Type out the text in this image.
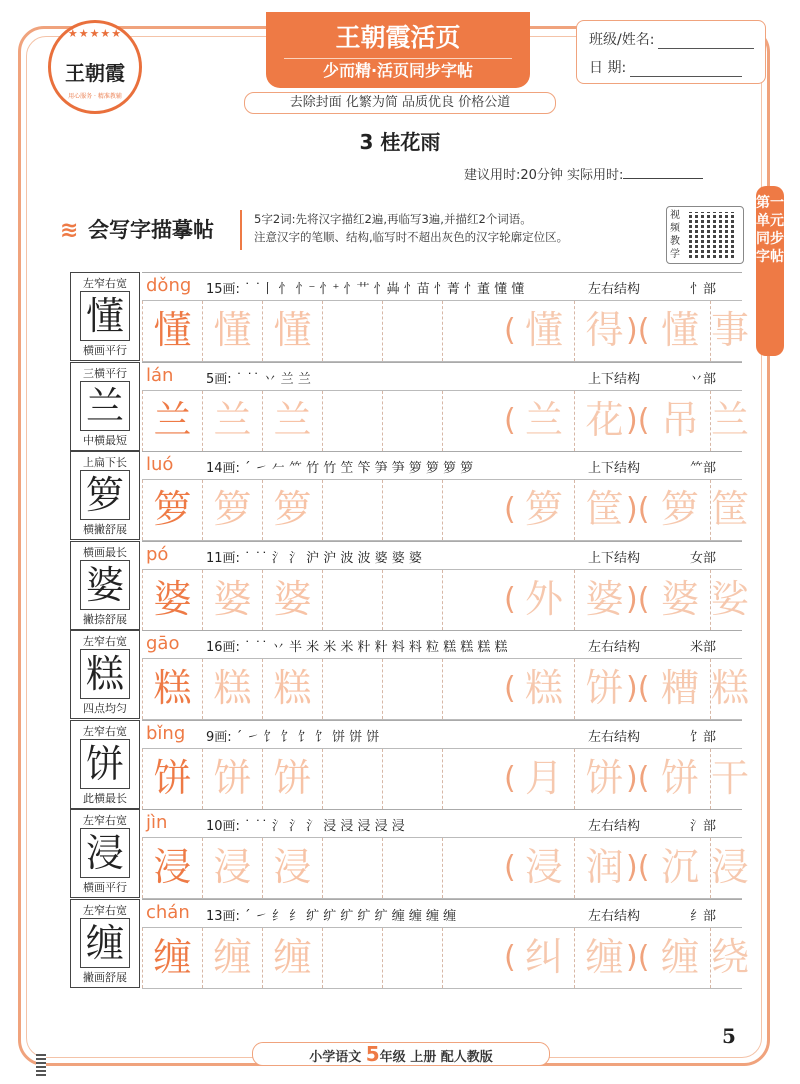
★★★★★
王朝霞
用心服务 · 精准教辅
王朝霞活页
少而精·活页同步字帖
去除封面 化繁为简 品质优良 价格公道
班级/姓名:
日 期:
3 桂花雨
建议用时:20分钟 实际用时:
≋ 会写字描摹帖	5字2词:先将汉字描红2遍,再临写3遍,并描红2个词语。
注意汉字的笔顺、结构,临写时不超出灰色的汉字轮廓定位区。
视频教学
第一单元同步字帖
左窄右宽
懂
横画平行
dǒng 15画: ˙ ˙丨 忄 忄⁻ 忄⁺ 忄艹 忄芔 忄苗 忄菁 忄董 懂 懂	左右结构	忄部
懂 懂 懂	( 懂 得 )( 懂 事
三横平行
兰
中横最短
lán	5画: ˙ ˙˙ 丷 兰 兰	上下结构	丷部
兰 兰 兰	( 兰 花 )( 吊 兰
上扁下长
箩
横撇舒展
luó	14画: ˊ ㇀ 𠂉 ⺮ 竹 竹 笁 笇 笋 笋 箩 箩 箩 箩	上下结构	⺮部
箩 箩 箩	( 箩 筐 )( 箩 筐
横画最长
婆
撇捺舒展
pó	11画: ˙ ˙˙ 氵 氵 沪 沪 波 波 婆 婆 婆	上下结构	女部
婆 婆 婆	( 外 婆 )( 婆 娑
左窄右宽
糕
四点均匀
gāo 16画: ˙ ˙˙ 丷 半 米 米 米 籵 籵 料 料 粒 糕 糕 糕 糕	左右结构	米部
糕 糕 糕	( 糕 饼 )( 糟 糕
左窄右宽
饼
此横最长
bǐng 9画: ˊ ㇀ 饣 饣 饣 饣 饼 饼 饼	左右结构	饣部
饼 饼 饼	( 月 饼 )( 饼 干
左窄右宽
浸
横画平行
jìn	10画: ˙ ˙˙ 氵 氵 氵 浸 浸 浸 浸 浸	左右结构	氵部
浸 浸 浸	( 浸 润 )( 沉 浸
左窄右宽
缠
撇画舒展
chán 13画: ˊ ㇀ 纟 纟 纩 纩 纩 纩 纩 缠 缠 缠 缠	左右结构	纟部
缠 缠 缠	( 纠 缠 )( 缠 绕
小学语文 5年级 上册 配人教版
5
